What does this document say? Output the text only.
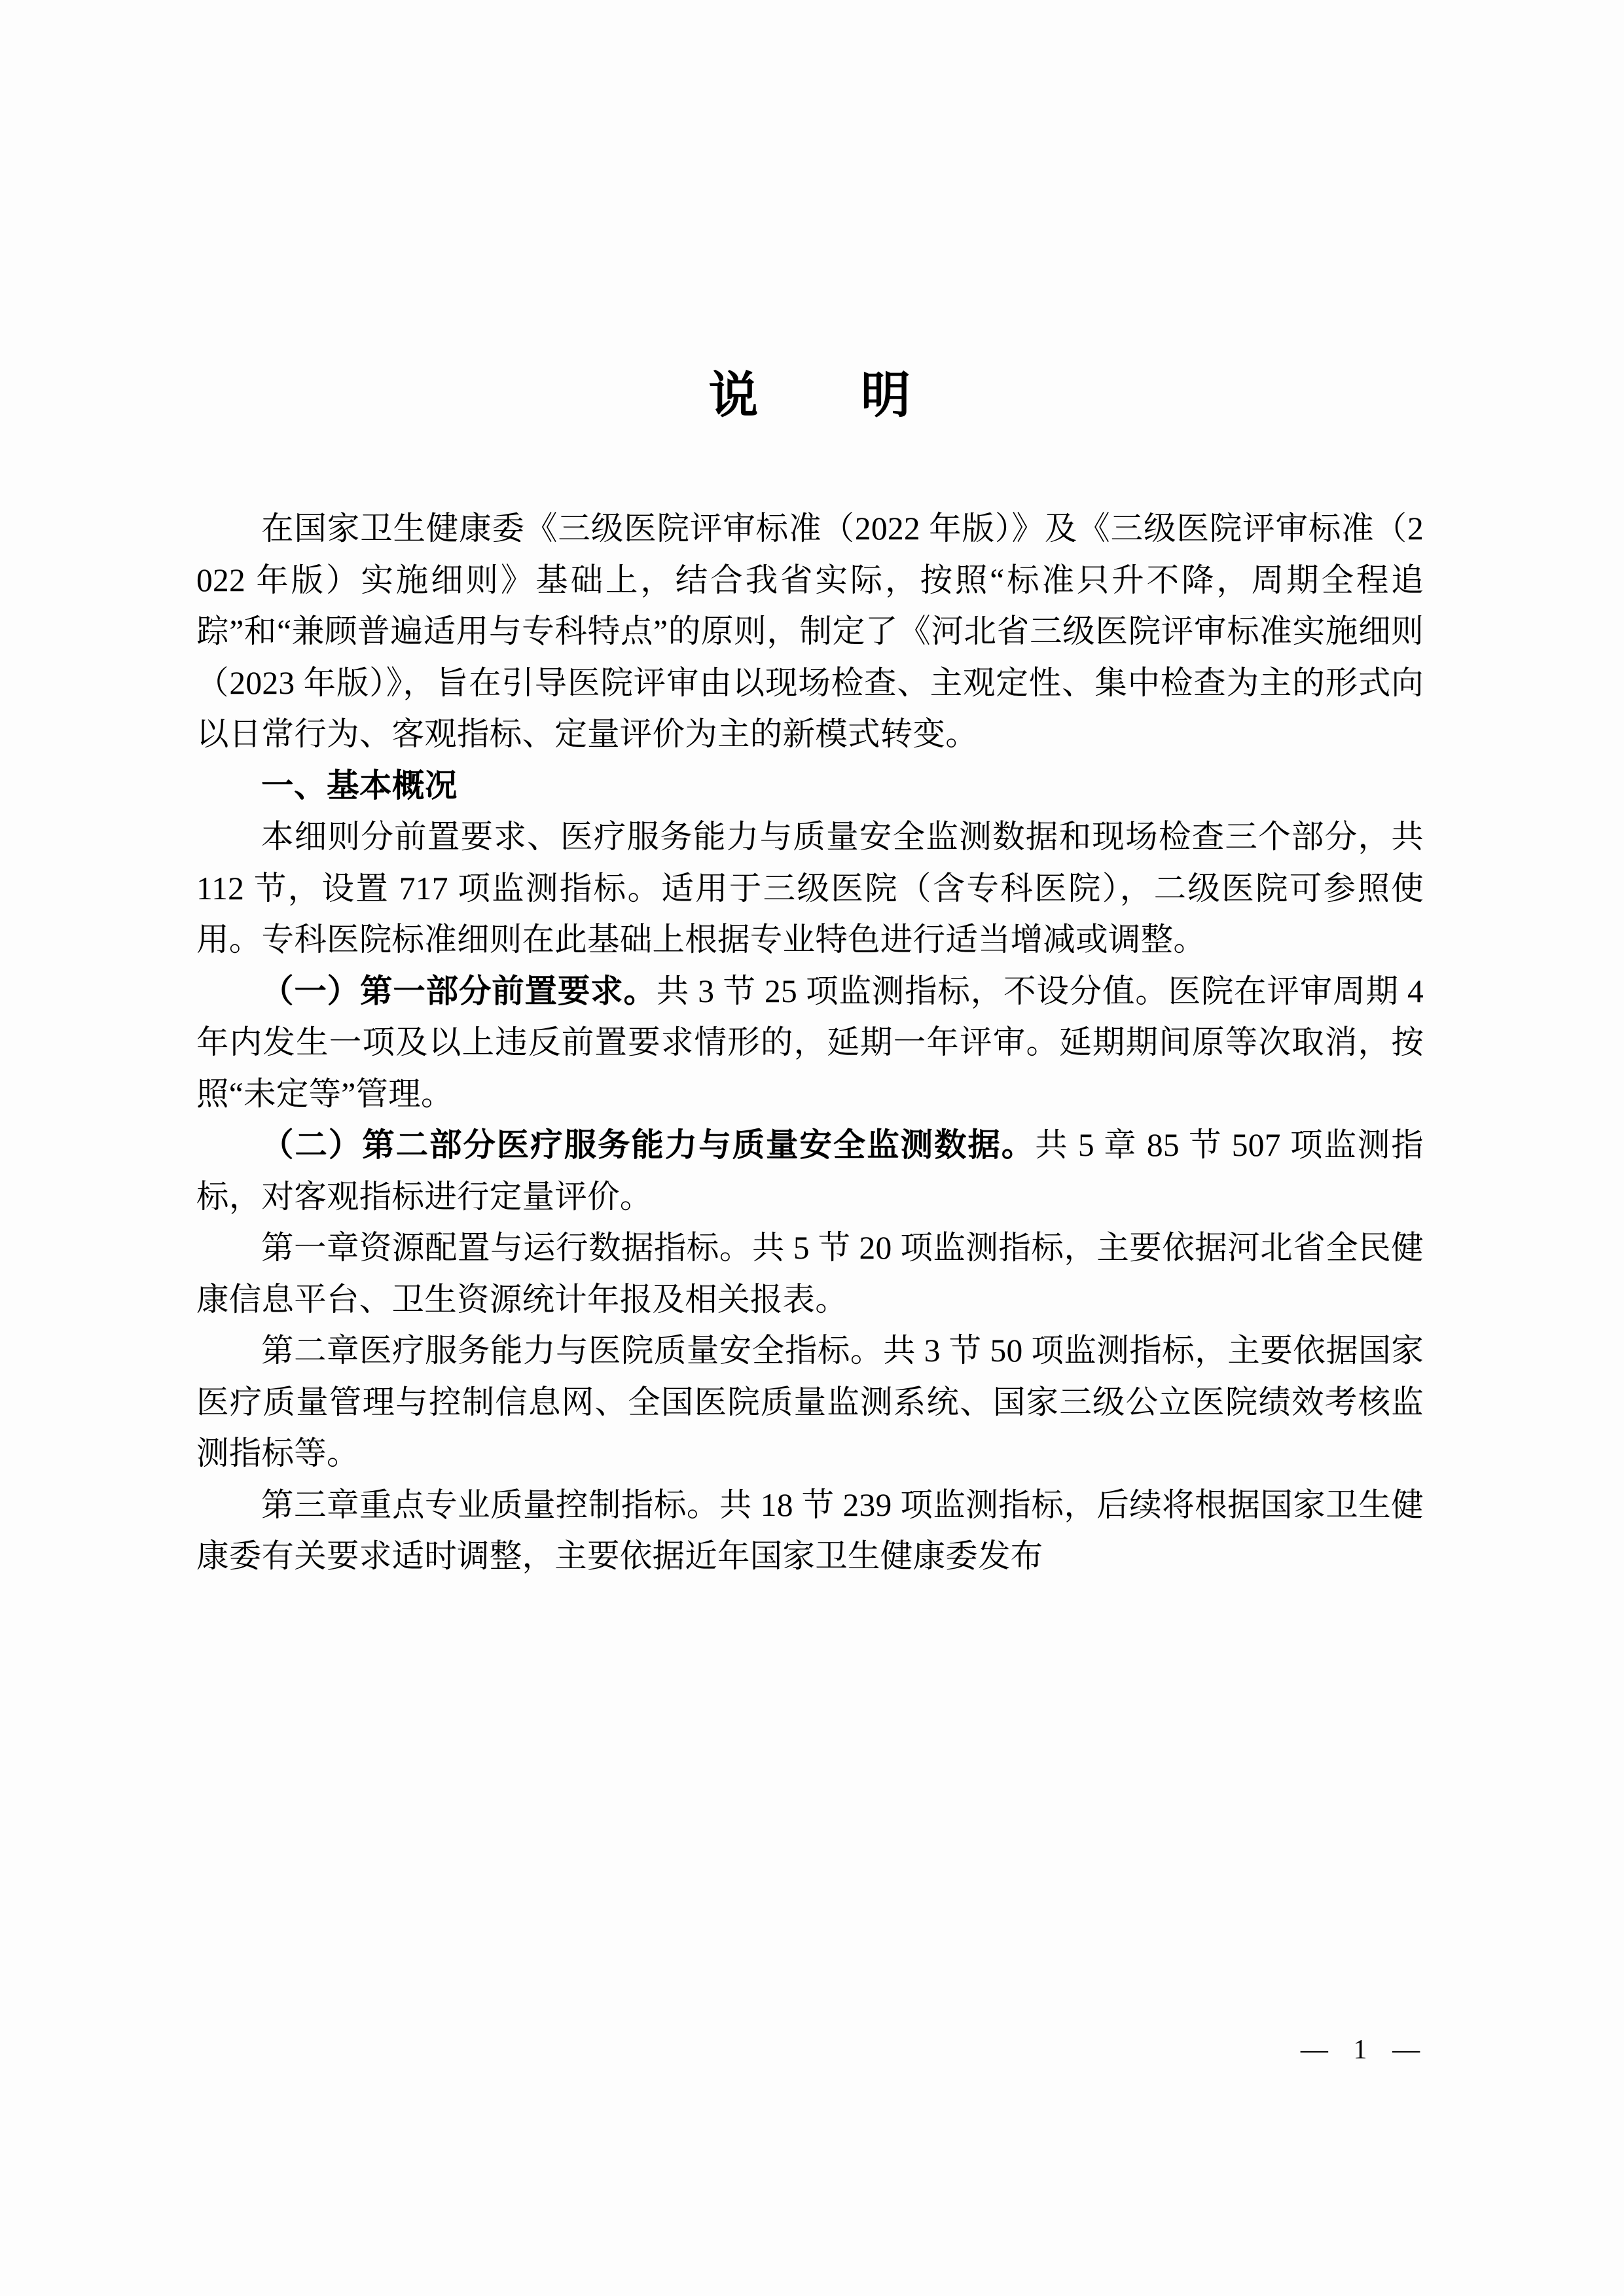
说　　明

在国家卫生健康委《三级医院评审标准（2022 年版）》及《三级医院评审标准（2022 年版）实施细则》基础上，结合我省实际，按照“标准只升不降，周期全程追踪”和“兼顾普遍适用与专科特点”的原则，制定了《河北省三级医院评审标准实施细则（2023 年版）》，旨在引导医院评审由以现场检查、主观定性、集中检查为主的形式向以日常行为、客观指标、定量评价为主的新模式转变。

一、基本概况

本细则分前置要求、医疗服务能力与质量安全监测数据和现场检查三个部分，共 112 节，设置 717 项监测指标。适用于三级医院（含专科医院），二级医院可参照使用。专科医院标准细则在此基础上根据专业特色进行适当增减或调整。

（一）第一部分前置要求。共 3 节 25 项监测指标，不设分值。医院在评审周期 4 年内发生一项及以上违反前置要求情形的，延期一年评审。延期期间原等次取消，按照“未定等”管理。

（二）第二部分医疗服务能力与质量安全监测数据。共 5 章 85 节 507 项监测指标，对客观指标进行定量评价。

第一章资源配置与运行数据指标。共 5 节 20 项监测指标，主要依据河北省全民健康信息平台、卫生资源统计年报及相关报表。

第二章医疗服务能力与医院质量安全指标。共 3 节 50 项监测指标，主要依据国家医疗质量管理与控制信息网、全国医院质量监测系统、国家三级公立医院绩效考核监测指标等。

第三章重点专业质量控制指标。共 18 节 239 项监测指标，后续将根据国家卫生健康委有关要求适时调整，主要依据近年国家卫生健康委发布

—  1  —
